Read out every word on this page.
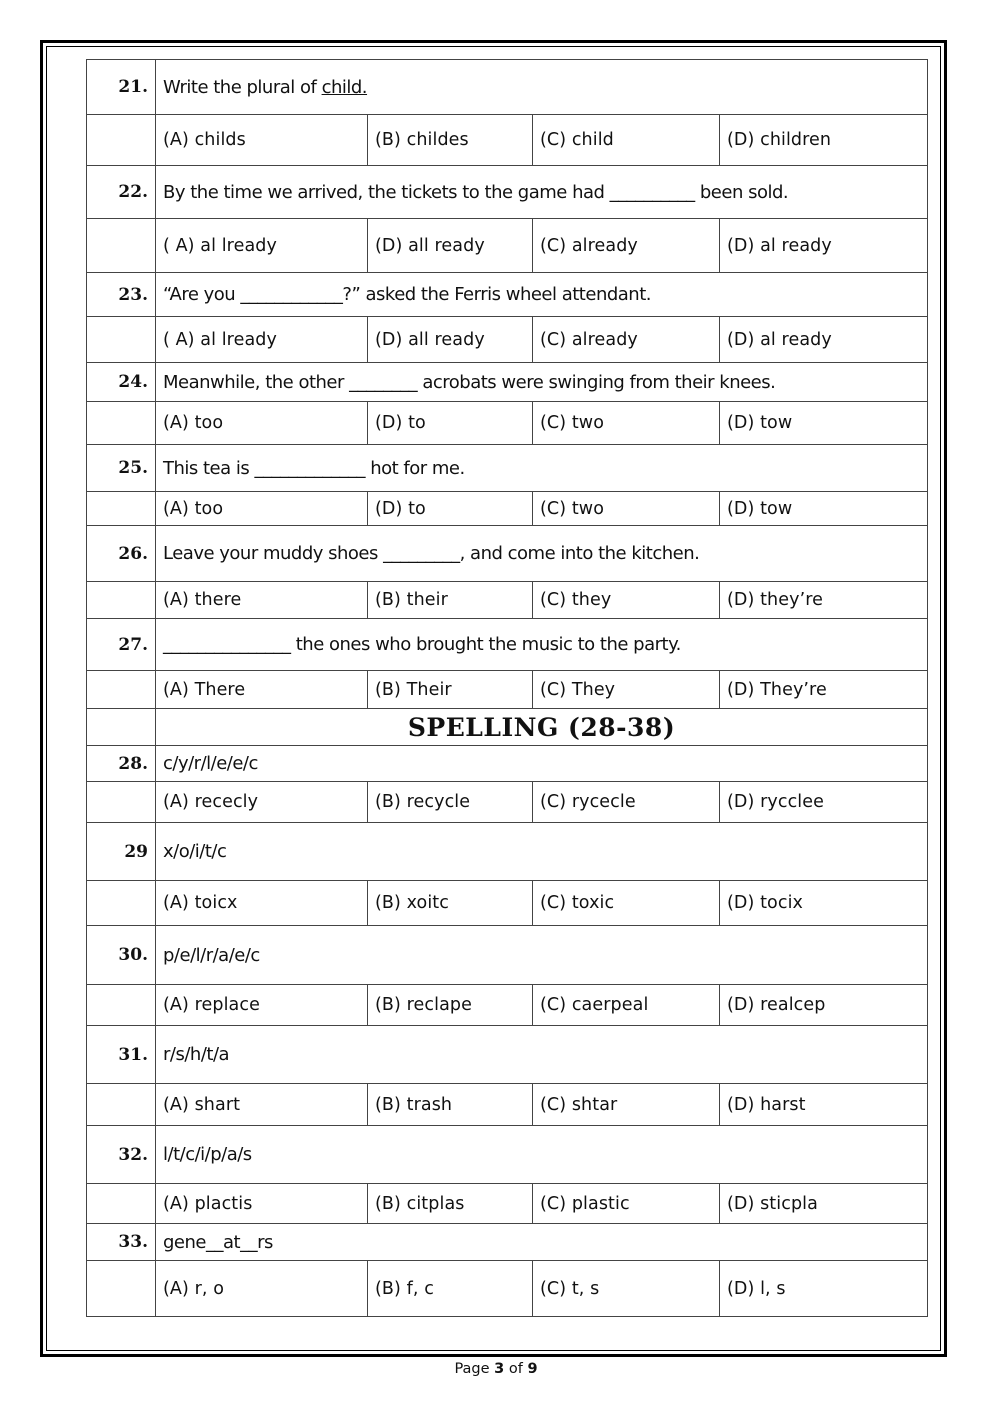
21.	Write the plural of child.			
	(A) childs	(B) childes	(C) child	(D) children
22.	By the time we arrived, the tickets to the game had __________ been sold.			
	( A) al lready	(D) all ready	(C) already	(D) al ready
23.	“Are you ____________?” asked the Ferris wheel attendant.			
	( A) al lready	(D) all ready	(C) already	(D) al ready
24.	Meanwhile, the other ________ acrobats were swinging from their knees.			
	(A) too	(D) to	(C) two	(D) tow
25.	This tea is _____________ hot for me.			
	(A) too	(D) to	(C) two	(D) tow
26.	Leave your muddy shoes _________, and come into the kitchen.			
	(A) there	(B) their	(C) they	(D) they’re
27.	_______________ the ones who brought the music to the party.			
	(A) There	(B) Their	(C) They	(D) They’re
	SPELLING (28-38)			
28.	c/y/r/l/e/e/c			
	(A) rececly	(B) recycle	(C) rycecle	(D) rycclee
29	x/o/i/t/c			
	(A) toicx	(B) xoitc	(C) toxic	(D) tocix
30.	p/e/l/r/a/e/c			
	(A) replace	(B) reclape	(C) caerpeal	(D) realcep
31.	r/s/h/t/a			
	(A) shart	(B) trash	(C) shtar	(D) harst
32.	l/t/c/i/p/a/s			
	(A) plactis	(B) citplas	(C) plastic	(D) sticpla
33.	gene__at__rs			
	(A) r, o	(B) f, c	(C) t, s	(D) l, s
Page 3 of 9
